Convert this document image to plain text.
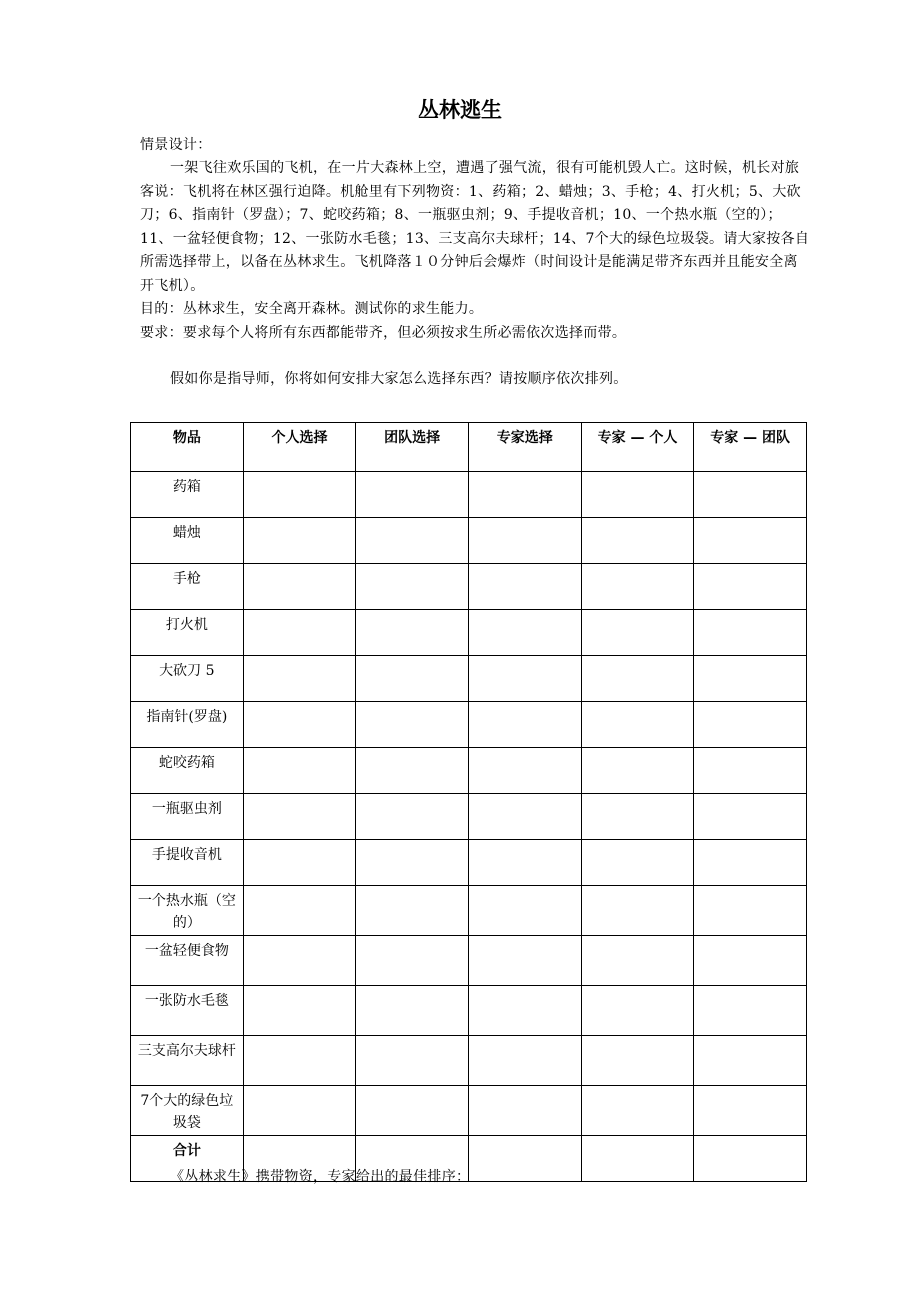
丛林逃生
情景设计：
一架飞往欢乐国的飞机，在一片大森林上空，遭遇了强气流，很有可能机毁人亡。这时候，机长对旅客说：飞机将在林区强行迫降。机舱里有下列物资：1、药箱；2、蜡烛；3、手枪；4、打火机；5、大砍刀；6、指南针（罗盘）；7、蛇咬药箱；8、一瓶驱虫剂；9、手提收音机；10、一个热水瓶（空的）；11、一盆轻便食物；12、一张防水毛毯；13、三支高尔夫球杆；14、7个大的绿色垃圾袋。请大家按各自所需选择带上，以备在丛林求生。飞机降落１０分钟后会爆炸（时间设计是能满足带齐东西并且能安全离开飞机）。
目的：丛林求生，安全离开森林。测试你的求生能力。
要求：要求每个人将所有东西都能带齐，但必须按求生所必需依次选择而带。
假如你是指导师，你将如何安排大家怎么选择东西？请按顺序依次排列。
物品	个人选择	团队选择	专家选择	专家 — 个人	专家 — 团队
药箱					
蜡烛					
手枪					
打火机					
大砍刀 5					
指南针(罗盘)					
蛇咬药箱					
一瓶驱虫剂					
手提收音机					
一个热水瓶（空的）					
一盆轻便食物					
一张防水毛毯					
三支高尔夫球杆					
7个大的绿色垃圾袋					
合计					
《丛林求生》携带物资，专家给出的最佳排序：
